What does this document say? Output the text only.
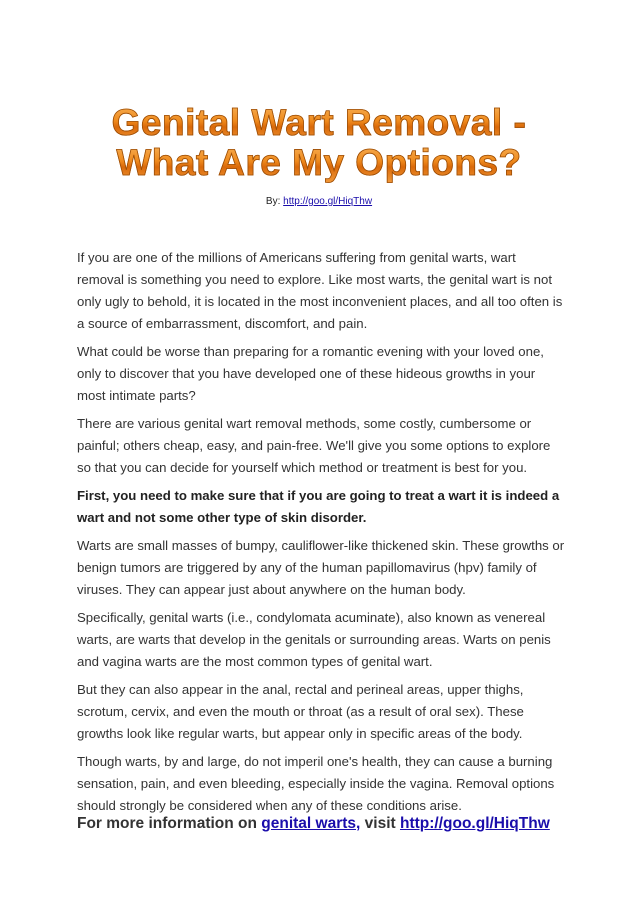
Genital Wart Removal -
What Are My Options?
By: http://goo.gl/HiqThw

If you are one of the millions of Americans suffering from genital warts, wart removal is something you need to explore. Like most warts, the genital wart is not only ugly to behold, it is located in the most inconvenient places, and all too often is a source of embarrassment, discomfort, and pain.

What could be worse than preparing for a romantic evening with your loved one, only to discover that you have developed one of these hideous growths in your most intimate parts?

There are various genital wart removal methods, some costly, cumbersome or painful; others cheap, easy, and pain-free. We'll give you some options to explore so that you can decide for yourself which method or treatment is best for you.

First, you need to make sure that if you are going to treat a wart it is indeed a wart and not some other type of skin disorder.

Warts are small masses of bumpy, cauliflower-like thickened skin. These growths or benign tumors are triggered by any of the human papillomavirus (hpv) family of viruses. They can appear just about anywhere on the human body.

Specifically, genital warts (i.e., condylomata acuminate), also known as venereal warts, are warts that develop in the genitals or surrounding areas. Warts on penis and vagina warts are the most common types of genital wart.

But they can also appear in the anal, rectal and perineal areas, upper thighs, scrotum, cervix, and even the mouth or throat (as a result of oral sex). These growths look like regular warts, but appear only in specific areas of the body.

Though warts, by and large, do not imperil one's health, they can cause a burning sensation, pain, and even bleeding, especially inside the vagina. Removal options should strongly be considered when any of these conditions arise.

For more information on genital warts, visit http://goo.gl/HiqThw
